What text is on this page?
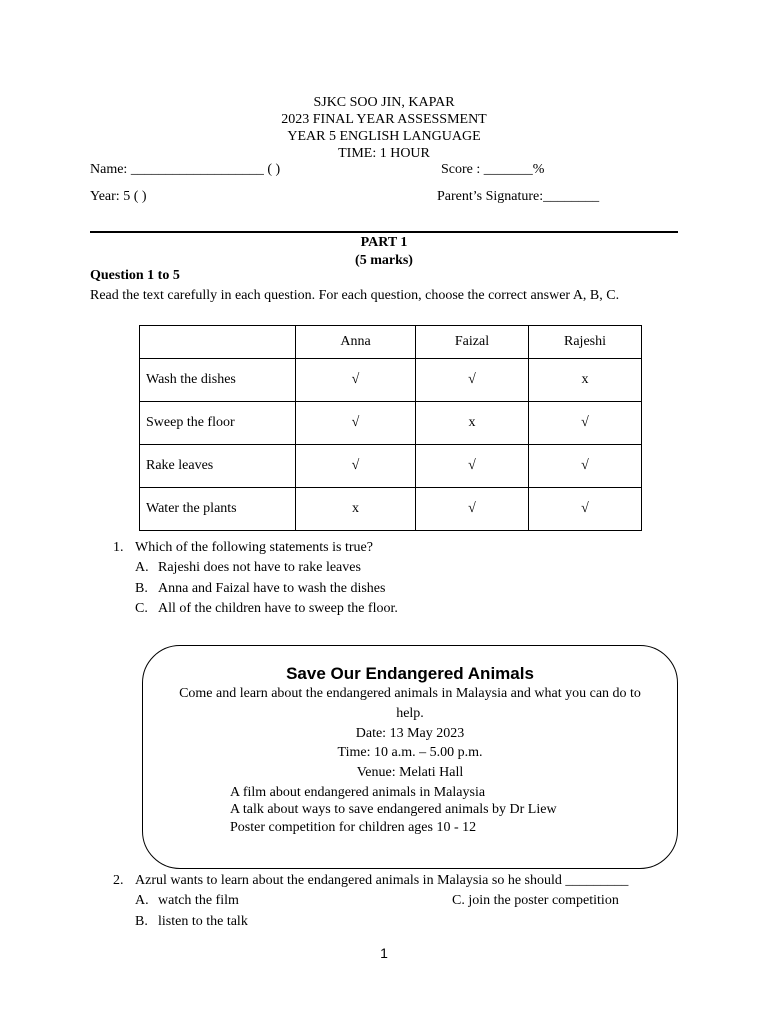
SJKC SOO JIN, KAPAR
2023 FINAL YEAR ASSESSMENT
YEAR 5 ENGLISH LANGUAGE
TIME: 1 HOUR
Name: ___________________ ( )	Score : _______%
Year: 5 ( )	Parent’s Signature:________
PART 1
(5 marks)
Question 1 to 5
Read the text carefully in each question. For each question, choose the correct answer A, B, C.
	Anna	Faizal	Rajeshi
Wash the dishes	√	√	x
Sweep the floor	√	x	√
Rake leaves	√	√	√
Water the plants	x	√	√
1. Which of the following statements is true?
A. Rajeshi does not have to rake leaves
B. Anna and Faizal have to wash the dishes
C. All of the children have to sweep the floor.
Save Our Endangered Animals
Come and learn about the endangered animals in Malaysia and what you can do to
help.
Date: 13 May 2023
Time: 10 a.m. – 5.00 p.m.
Venue: Melati Hall
A film about endangered animals in Malaysia
A talk about ways to save endangered animals by Dr Liew
Poster competition for children ages 10 - 12
2. Azrul wants to learn about the endangered animals in Malaysia so he should _________
A. watch the film
B. listen to the talk
C. join the poster competition
1
